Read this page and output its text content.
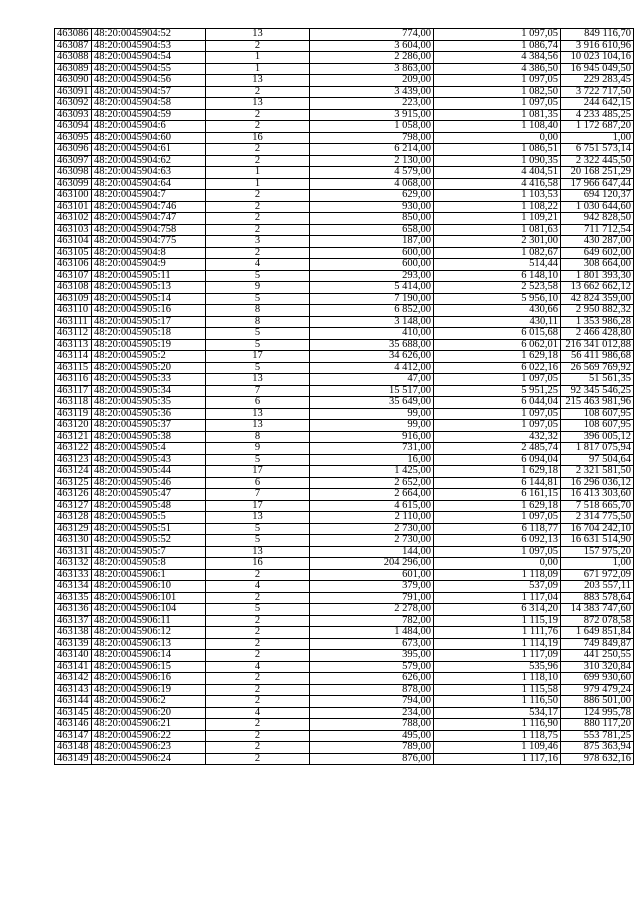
463086	48:20:0045904:52	13	774,00	1 097,05	849 116,70
463087	48:20:0045904:53	2	3 604,00	1 086,74	3 916 610,96
463088	48:20:0045904:54	1	2 286,00	4 384,56	10 023 104,16
463089	48:20:0045904:55	1	3 863,00	4 386,50	16 945 049,50
463090	48:20:0045904:56	13	209,00	1 097,05	229 283,45
463091	48:20:0045904:57	2	3 439,00	1 082,50	3 722 717,50
463092	48:20:0045904:58	13	223,00	1 097,05	244 642,15
463093	48:20:0045904:59	2	3 915,00	1 081,35	4 233 485,25
463094	48:20:0045904:6	2	1 058,00	1 108,40	1 172 687,20
463095	48:20:0045904:60	16	798,00	0,00	1,00
463096	48:20:0045904:61	2	6 214,00	1 086,51	6 751 573,14
463097	48:20:0045904:62	2	2 130,00	1 090,35	2 322 445,50
463098	48:20:0045904:63	1	4 579,00	4 404,51	20 168 251,29
463099	48:20:0045904:64	1	4 068,00	4 416,58	17 966 647,44
463100	48:20:0045904:7	2	629,00	1 103,53	694 120,37
463101	48:20:0045904:746	2	930,00	1 108,22	1 030 644,60
463102	48:20:0045904:747	2	850,00	1 109,21	942 828,50
463103	48:20:0045904:758	2	658,00	1 081,63	711 712,54
463104	48:20:0045904:775	3	187,00	2 301,00	430 287,00
463105	48:20:0045904:8	2	600,00	1 082,67	649 602,00
463106	48:20:0045904:9	4	600,00	514,44	308 664,00
463107	48:20:0045905:11	5	293,00	6 148,10	1 801 393,30
463108	48:20:0045905:13	9	5 414,00	2 523,58	13 662 662,12
463109	48:20:0045905:14	5	7 190,00	5 956,10	42 824 359,00
463110	48:20:0045905:16	8	6 852,00	430,66	2 950 882,32
463111	48:20:0045905:17	8	3 148,00	430,11	1 353 986,28
463112	48:20:0045905:18	5	410,00	6 015,68	2 466 428,80
463113	48:20:0045905:19	5	35 688,00	6 062,01	216 341 012,88
463114	48:20:0045905:2	17	34 626,00	1 629,18	56 411 986,68
463115	48:20:0045905:20	5	4 412,00	6 022,16	26 569 769,92
463116	48:20:0045905:33	13	47,00	1 097,05	51 561,35
463117	48:20:0045905:34	7	15 517,00	5 951,25	92 345 546,25
463118	48:20:0045905:35	6	35 649,00	6 044,04	215 463 981,96
463119	48:20:0045905:36	13	99,00	1 097,05	108 607,95
463120	48:20:0045905:37	13	99,00	1 097,05	108 607,95
463121	48:20:0045905:38	8	916,00	432,32	396 005,12
463122	48:20:0045905:4	9	731,00	2 485,74	1 817 075,94
463123	48:20:0045905:43	5	16,00	6 094,04	97 504,64
463124	48:20:0045905:44	17	1 425,00	1 629,18	2 321 581,50
463125	48:20:0045905:46	6	2 652,00	6 144,81	16 296 036,12
463126	48:20:0045905:47	7	2 664,00	6 161,15	16 413 303,60
463127	48:20:0045905:48	17	4 615,00	1 629,18	7 518 665,70
463128	48:20:0045905:5	13	2 110,00	1 097,05	2 314 775,50
463129	48:20:0045905:51	5	2 730,00	6 118,77	16 704 242,10
463130	48:20:0045905:52	5	2 730,00	6 092,13	16 631 514,90
463131	48:20:0045905:7	13	144,00	1 097,05	157 975,20
463132	48:20:0045905:8	16	204 296,00	0,00	1,00
463133	48:20:0045906:1	2	601,00	1 118,09	671 972,09
463134	48:20:0045906:10	4	379,00	537,09	203 557,11
463135	48:20:0045906:101	2	791,00	1 117,04	883 578,64
463136	48:20:0045906:104	5	2 278,00	6 314,20	14 383 747,60
463137	48:20:0045906:11	2	782,00	1 115,19	872 078,58
463138	48:20:0045906:12	2	1 484,00	1 111,76	1 649 851,84
463139	48:20:0045906:13	2	673,00	1 114,19	749 849,87
463140	48:20:0045906:14	2	395,00	1 117,09	441 250,55
463141	48:20:0045906:15	4	579,00	535,96	310 320,84
463142	48:20:0045906:16	2	626,00	1 118,10	699 930,60
463143	48:20:0045906:19	2	878,00	1 115,58	979 479,24
463144	48:20:0045906:2	2	794,00	1 116,50	886 501,00
463145	48:20:0045906:20	4	234,00	534,17	124 995,78
463146	48:20:0045906:21	2	788,00	1 116,90	880 117,20
463147	48:20:0045906:22	2	495,00	1 118,75	553 781,25
463148	48:20:0045906:23	2	789,00	1 109,46	875 363,94
463149	48:20:0045906:24	2	876,00	1 117,16	978 632,16
